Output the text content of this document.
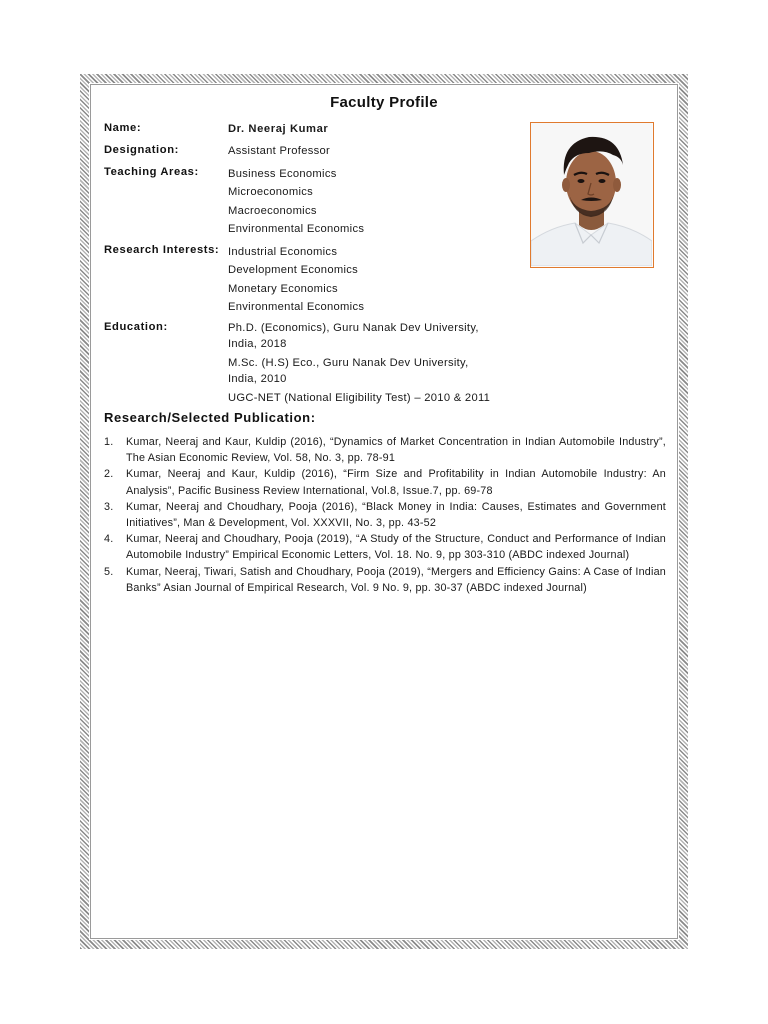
Faculty Profile
Name:	Dr. Neeraj Kumar
Designation:	Assistant Professor
Teaching Areas:	Business Economics
Microeconomics
Macroeconomics
Environmental Economics
Research Interests: Industrial Economics
Development Economics
Monetary Economics
Environmental Economics
Education:	Ph.D. (Economics), Guru Nanak Dev University, India, 2018
M.Sc. (H.S) Eco., Guru Nanak Dev University, India, 2010
UGC-NET (National Eligibility Test) – 2010 & 2011
Research/Selected Publication:
1. Kumar, Neeraj and Kaur, Kuldip (2016), “Dynamics of Market Concentration in Indian Automobile Industry”, The Asian Economic Review, Vol. 58, No. 3, pp. 78-91
2. Kumar, Neeraj and Kaur, Kuldip (2016), “Firm Size and Profitability in Indian Automobile Industry: An Analysis”, Pacific Business Review International, Vol.8, Issue.7, pp. 69-78
3. Kumar, Neeraj and Choudhary, Pooja (2016), “Black Money in India: Causes, Estimates and Government Initiatives”, Man & Development, Vol. XXXVII, No. 3, pp. 43-52
4. Kumar, Neeraj and Choudhary, Pooja (2019), “A Study of the Structure, Conduct and Performance of Indian Automobile Industry” Empirical Economic Letters, Vol. 18. No. 9, pp 303-310 (ABDC indexed Journal)
5. Kumar, Neeraj, Tiwari, Satish and Choudhary, Pooja (2019), “Mergers and Efficiency Gains: A Case of Indian Banks” Asian Journal of Empirical Research, Vol. 9 No. 9, pp. 30-37 (ABDC indexed Journal)
